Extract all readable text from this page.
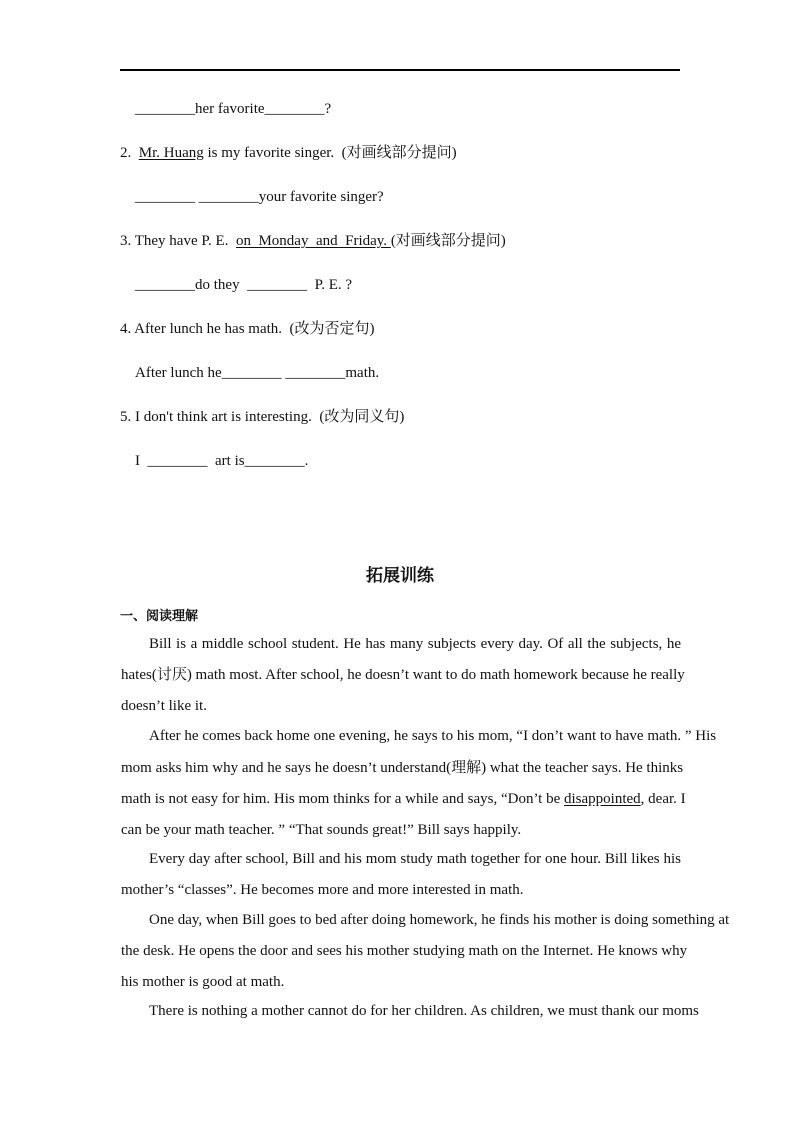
________her favorite________?
2. Mr. Huang is my favorite singer. (对画线部分提问)
________ ________your favorite singer?
3. They have P. E. on  Monday  and  Friday. (对画线部分提问)
________do they  ________  P. E. ?
4. After lunch he has math. (改为否定句)
After lunch he________ ________math.
5. I don't think art is interesting. (改为同义句)
I  ________  art is________.
拓展训练
一、阅读理解
Bill is a middle school student. He has many subjects every day. Of all the subjects, he
hates(讨厌) math most. After school, he doesn’t want to do math homework because he really
doesn’t like it.
After he comes back home one evening, he says to his mom, “I don’t want to have math. ” His
mom asks him why and he says he doesn’t understand(理解) what the teacher says. He thinks
math is not easy for him. His mom thinks for a while and says, “Don’t be disappointed, dear. I
can be your math teacher. ” “That sounds great!” Bill says happily.
Every day after school, Bill and his mom study math together for one hour. Bill likes his
mother’s “classes”. He becomes more and more interested in math.
One day, when Bill goes to bed after doing homework, he finds his mother is doing something at
the desk. He opens the door and sees his mother studying math on the Internet. He knows why
his mother is good at math.
There is nothing a mother cannot do for her children. As children, we must thank our moms
